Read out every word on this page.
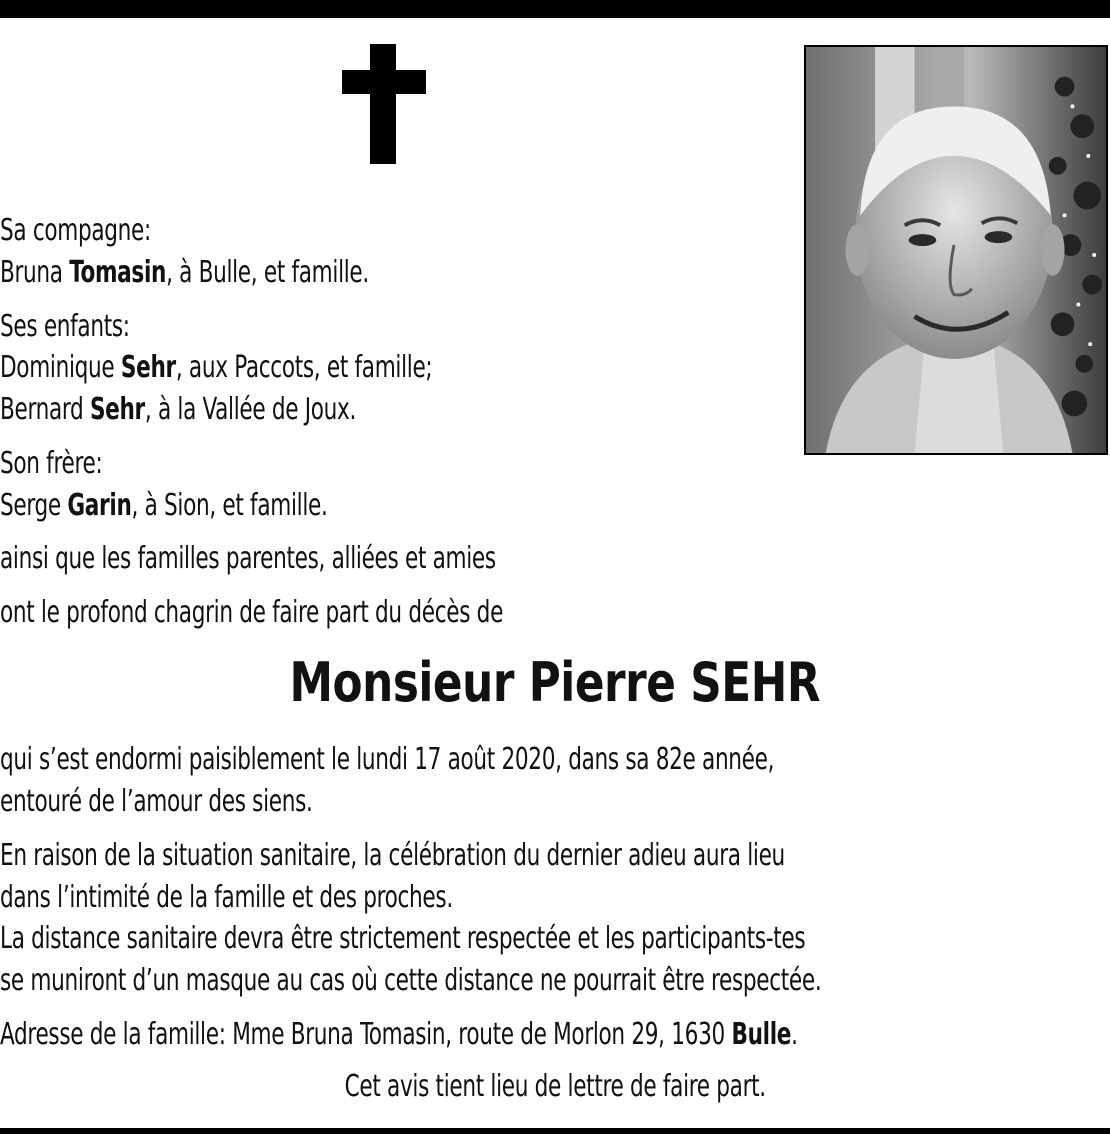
Sa compagne:

Bruna Tomasin, à Bulle, et famille.

Ses enfants:

Dominique Sehr, aux Paccots, et famille;

Bernard Sehr, à la Vallée de Joux.

Son frère:

Serge Garin, à Sion, et famille.

ainsi que les familles parentes, alliées et amies

ont le profond chagrin de faire part du décès de

Monsieur Pierre SEHR

qui s’est endormi paisiblement le lundi 17 août 2020, dans sa 82e année,

entouré de l’amour des siens.

En raison de la situation sanitaire, la célébration du dernier adieu aura lieu

dans l’intimité de la famille et des proches.

La distance sanitaire devra être strictement respectée et les participants-tes

se muniront d’un masque au cas où cette distance ne pourrait être respectée.

Adresse de la famille: Mme Bruna Tomasin, route de Morlon 29, 1630 Bulle.

Cet avis tient lieu de lettre de faire part.
